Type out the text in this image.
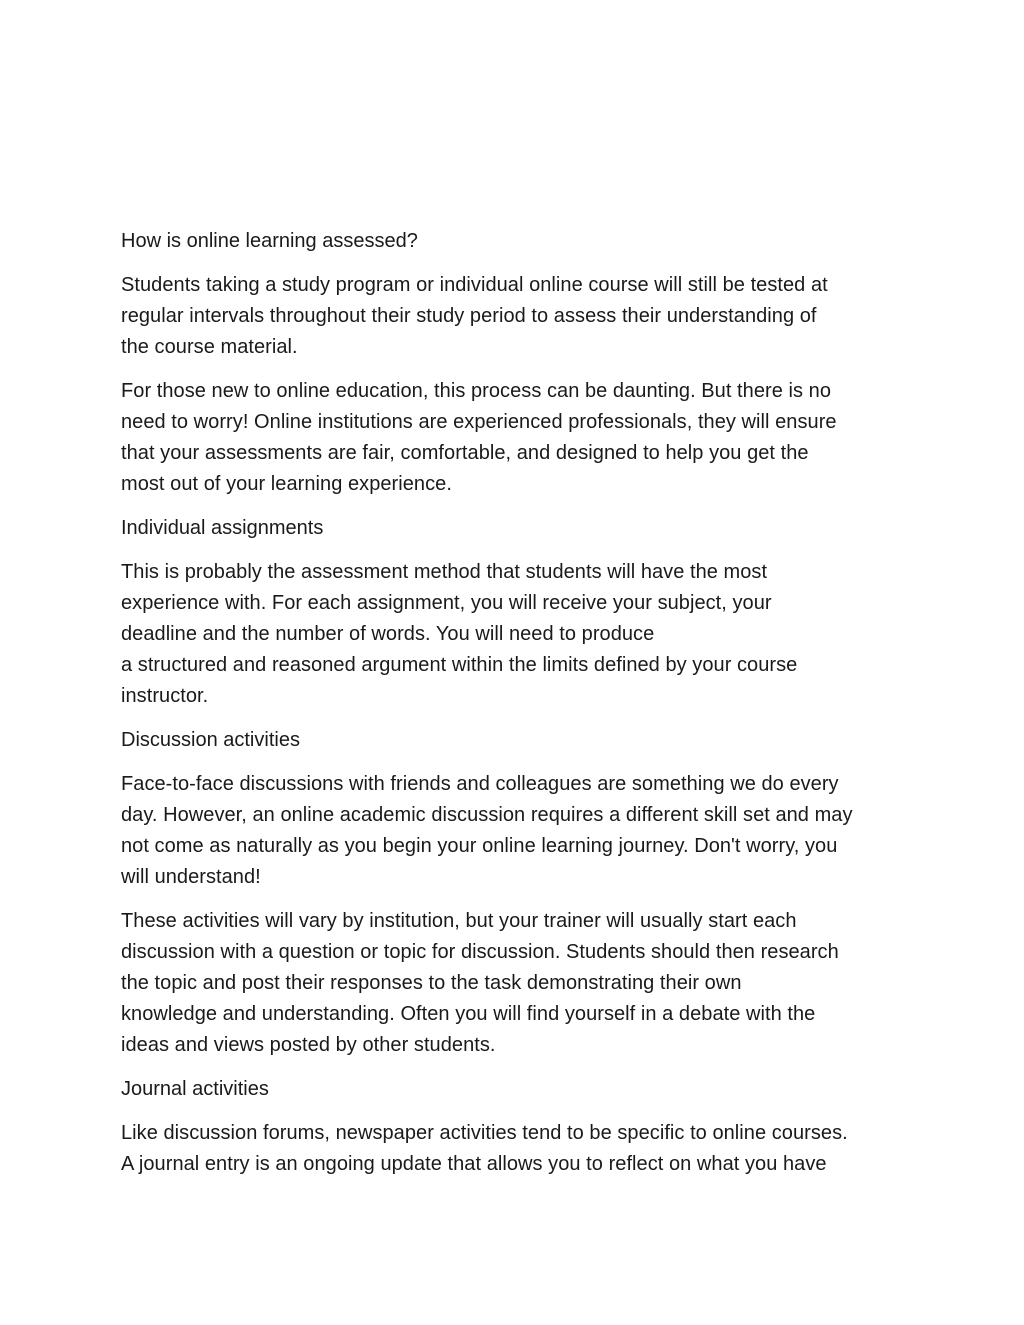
How is online learning assessed?

Students taking a study program or individual online course will still be tested at
regular intervals throughout their study period to assess their understanding of
the course material.

For those new to online education, this process can be daunting. But there is no
need to worry! Online institutions are experienced professionals, they will ensure
that your assessments are fair, comfortable, and designed to help you get the
most out of your learning experience.

Individual assignments

This is probably the assessment method that students will have the most
experience with. For each assignment, you will receive your subject, your
deadline and the number of words. You will need to produce
a structured and reasoned argument within the limits defined by your course
instructor.

Discussion activities

Face-to-face discussions with friends and colleagues are something we do every
day. However, an online academic discussion requires a different skill set and may
not come as naturally as you begin your online learning journey. Don't worry, you
will understand!

These activities will vary by institution, but your trainer will usually start each
discussion with a question or topic for discussion. Students should then research
the topic and post their responses to the task demonstrating their own
knowledge and understanding. Often you will find yourself in a debate with the
ideas and views posted by other students.

Journal activities

Like discussion forums, newspaper activities tend to be specific to online courses.
A journal entry is an ongoing update that allows you to reflect on what you have
